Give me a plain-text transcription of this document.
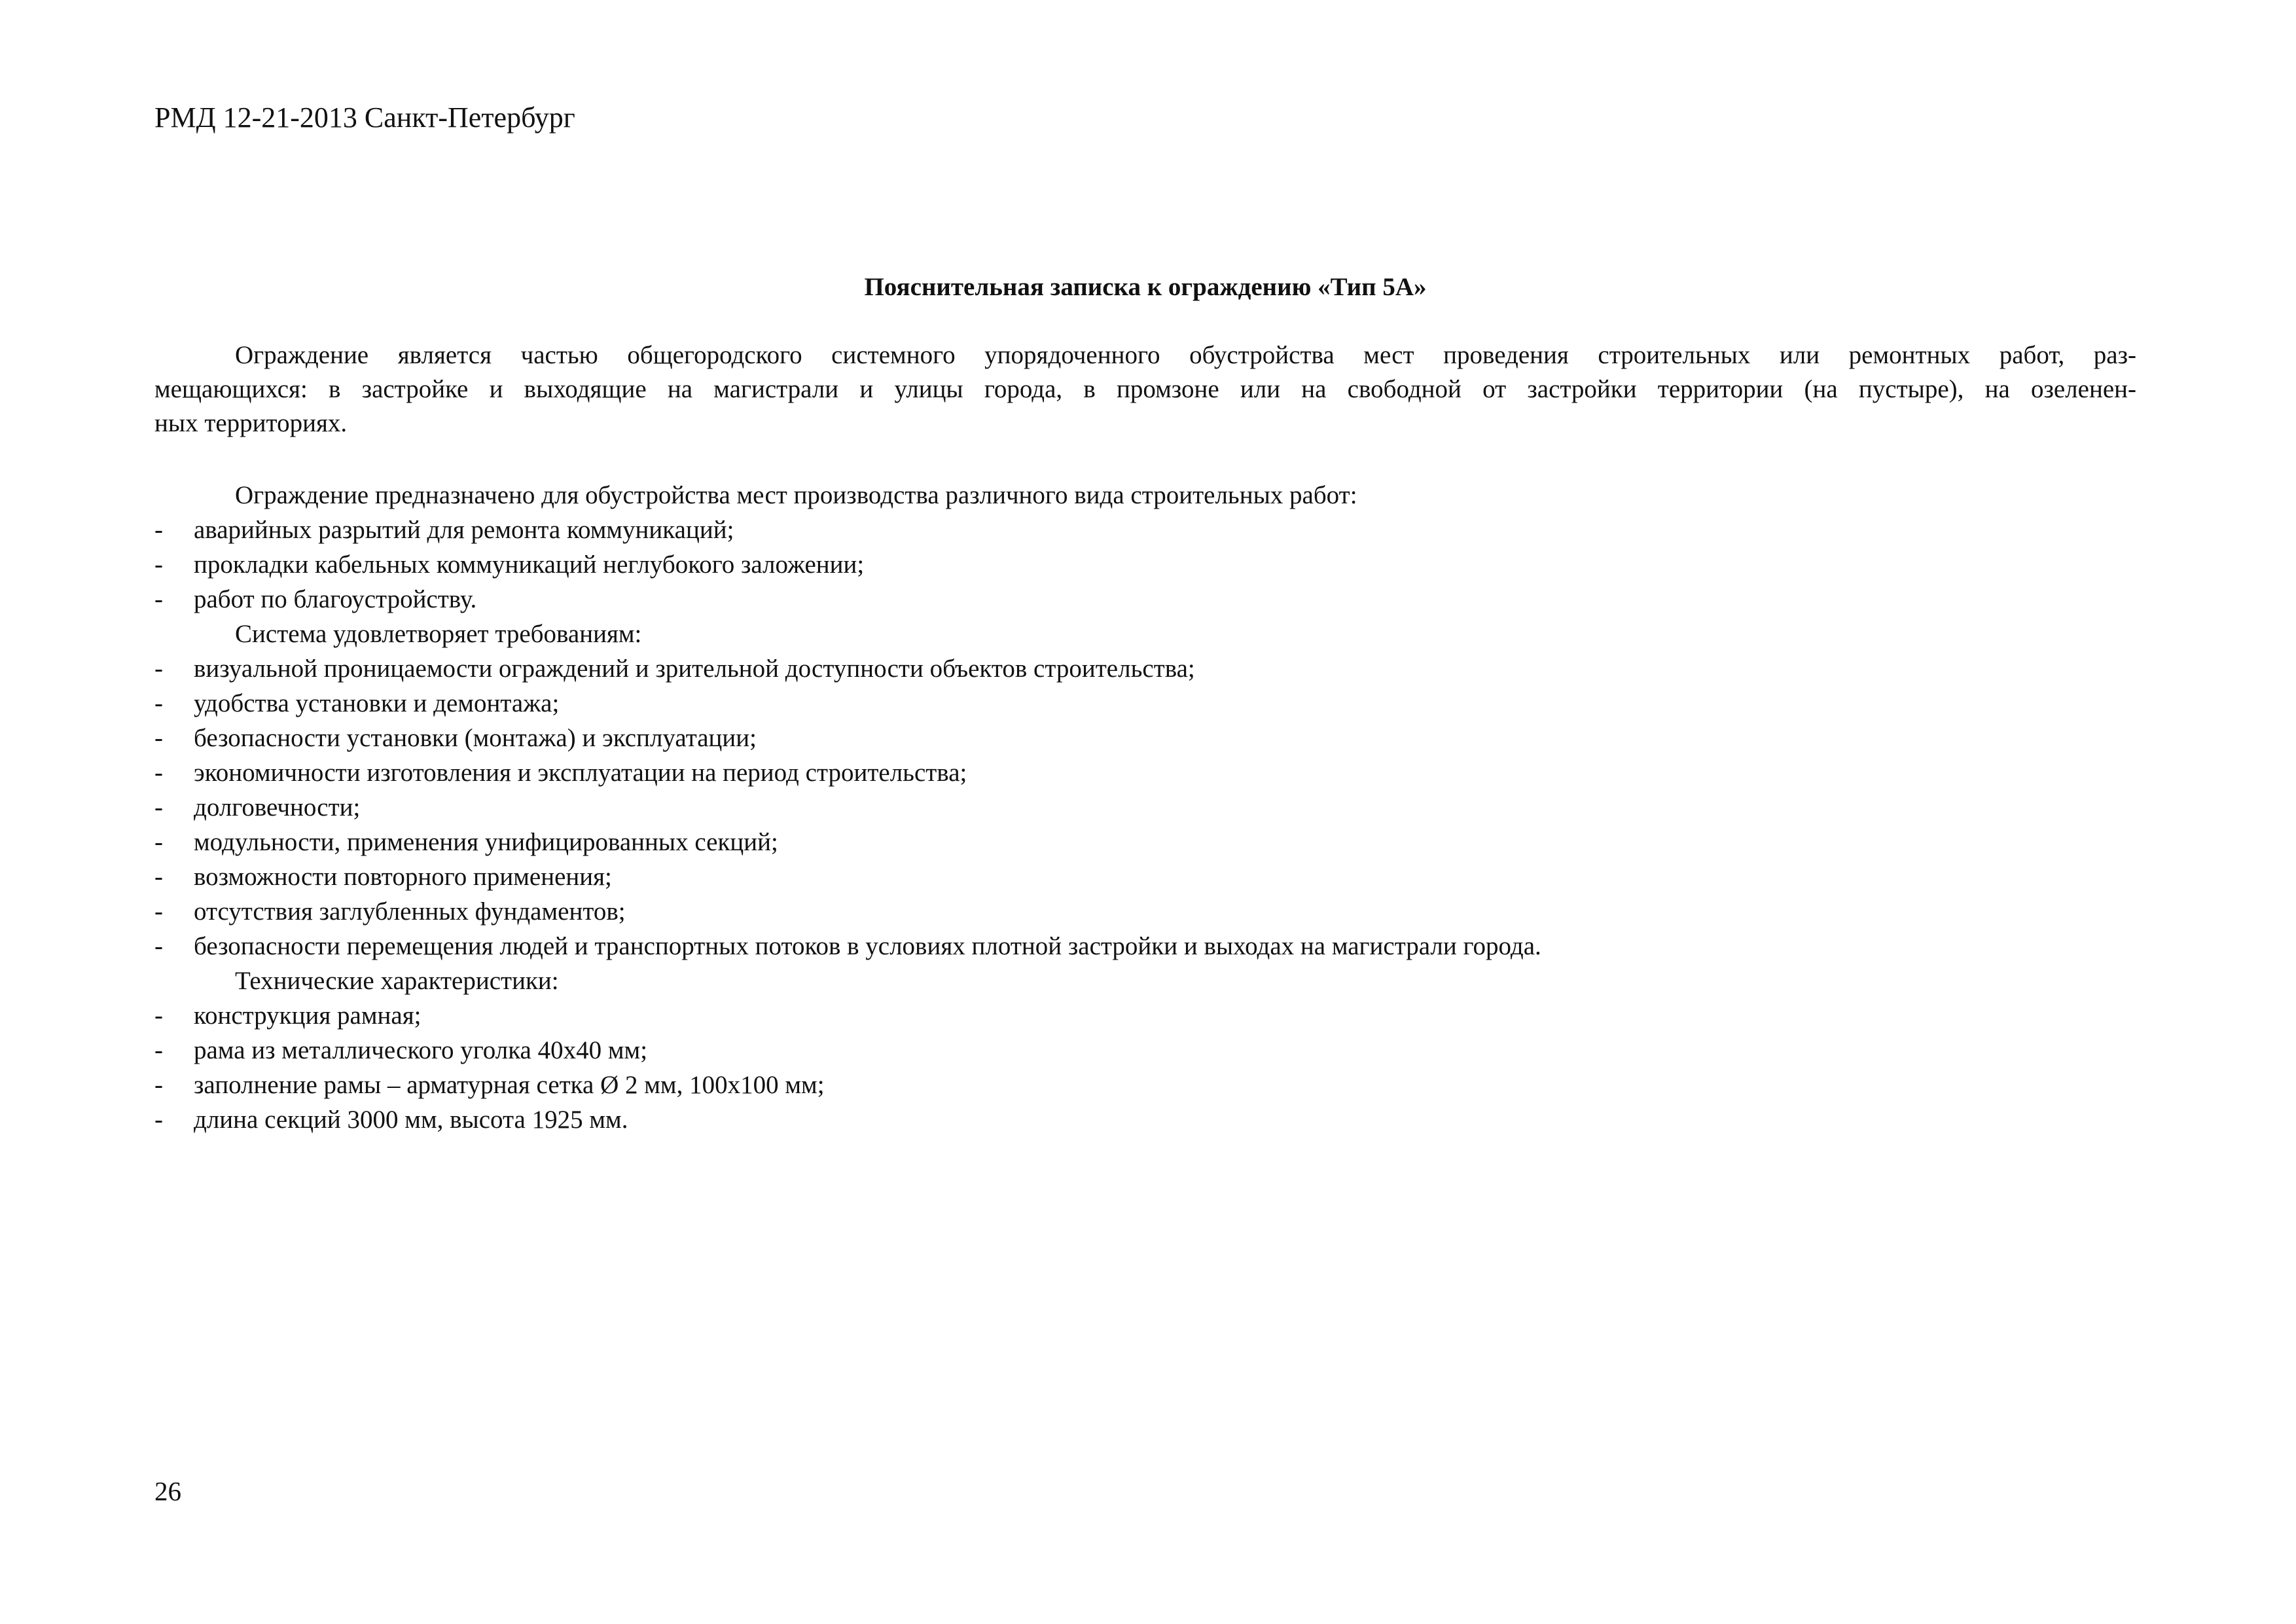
РМД 12-21-2013 Санкт-Петербург
Пояснительная записка к ограждению «Тип 5А»
Ограждение является частью общегородского системного упорядоченного обустройства мест проведения строительных или ремонтных работ, раз-
мещающихся: в застройке и выходящие на магистрали и улицы города, в промзоне или на свободной от застройки территории (на пустыре), на озеленен-
ных территориях.
Ограждение предназначено для обустройства мест производства различного вида строительных работ:
-	аварийных разрытий для ремонта коммуникаций;
-	прокладки кабельных коммуникаций неглубокого заложении;
-	работ по благоустройству.
Система удовлетворяет требованиям:
-	визуальной проницаемости ограждений и зрительной доступности объектов строительства;
-	удобства установки и демонтажа;
-	безопасности установки (монтажа) и эксплуатации;
-	экономичности изготовления и эксплуатации на период строительства;
-	долговечности;
-	модульности, применения унифицированных секций;
-	возможности повторного применения;
-	отсутствия заглубленных фундаментов;
-	безопасности перемещения людей и транспортных потоков в условиях плотной застройки и выходах на магистрали города.
Технические характеристики:
-	конструкция рамная;
-	рама из металлического уголка 40х40 мм;
-	заполнение рамы – арматурная сетка Ø 2 мм, 100х100 мм;
-	длина секций 3000 мм, высота 1925 мм.
26
